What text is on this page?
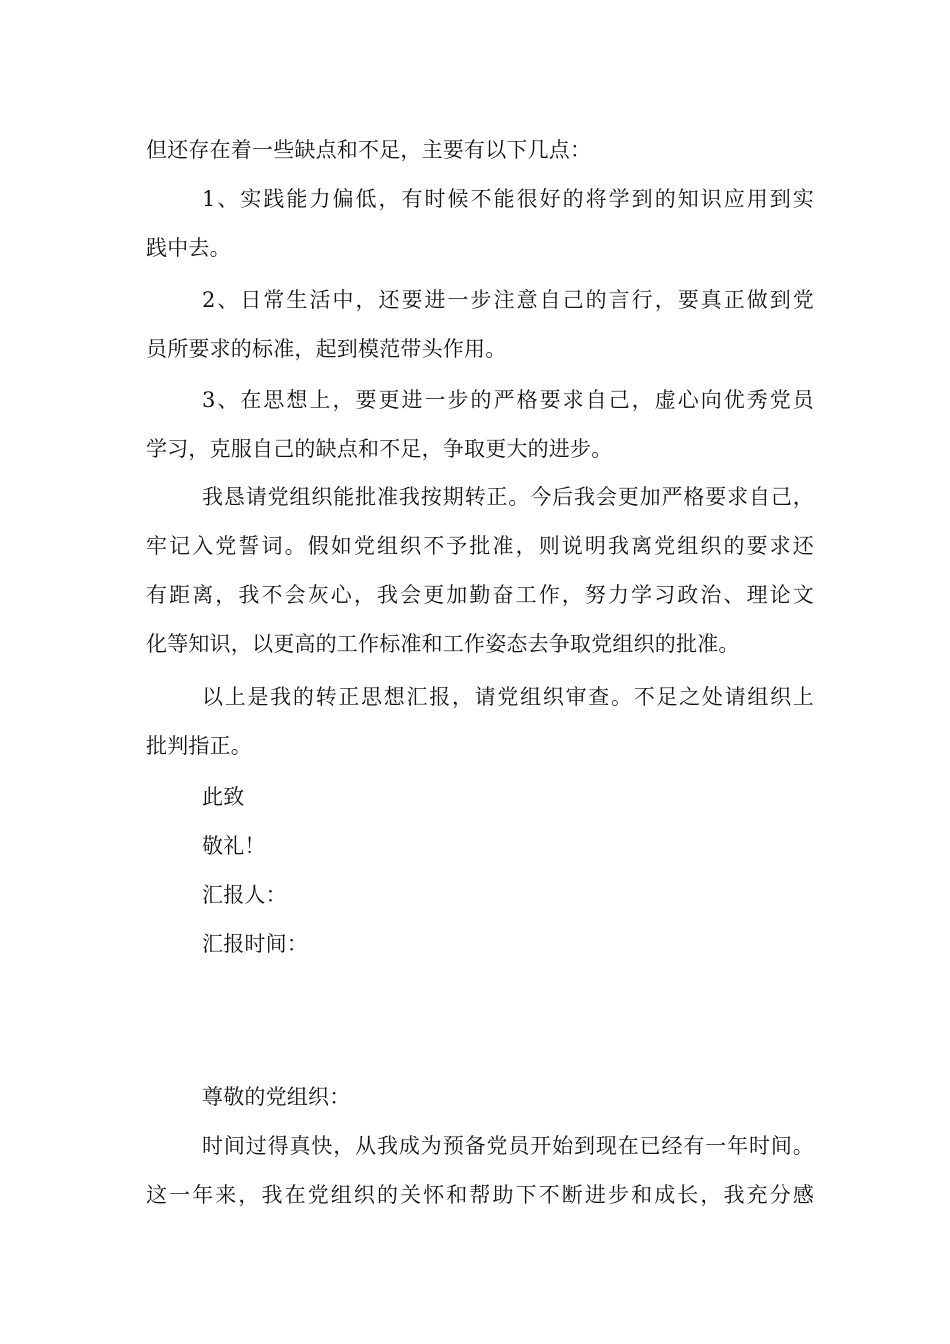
但还存在着一些缺点和不足，主要有以下几点：
1、实践能力偏低，有时候不能很好的将学到的知识应用到实
践中去。
2、日常生活中，还要进一步注意自己的言行，要真正做到党
员所要求的标准，起到模范带头作用。
3、在思想上，要更进一步的严格要求自己，虚心向优秀党员
学习，克服自己的缺点和不足，争取更大的进步。
我恳请党组织能批准我按期转正。今后我会更加严格要求自己，
牢记入党誓词。假如党组织不予批准，则说明我离党组织的要求还
有距离，我不会灰心，我会更加勤奋工作，努力学习政治、理论文
化等知识，以更高的工作标准和工作姿态去争取党组织的批准。
以上是我的转正思想汇报，请党组织审查。不足之处请组织上
批判指正。
此致
敬礼！
汇报人：
汇报时间：
尊敬的党组织：
时间过得真快，从我成为预备党员开始到现在已经有一年时间。
这一年来，我在党组织的关怀和帮助下不断进步和成长，我充分感
